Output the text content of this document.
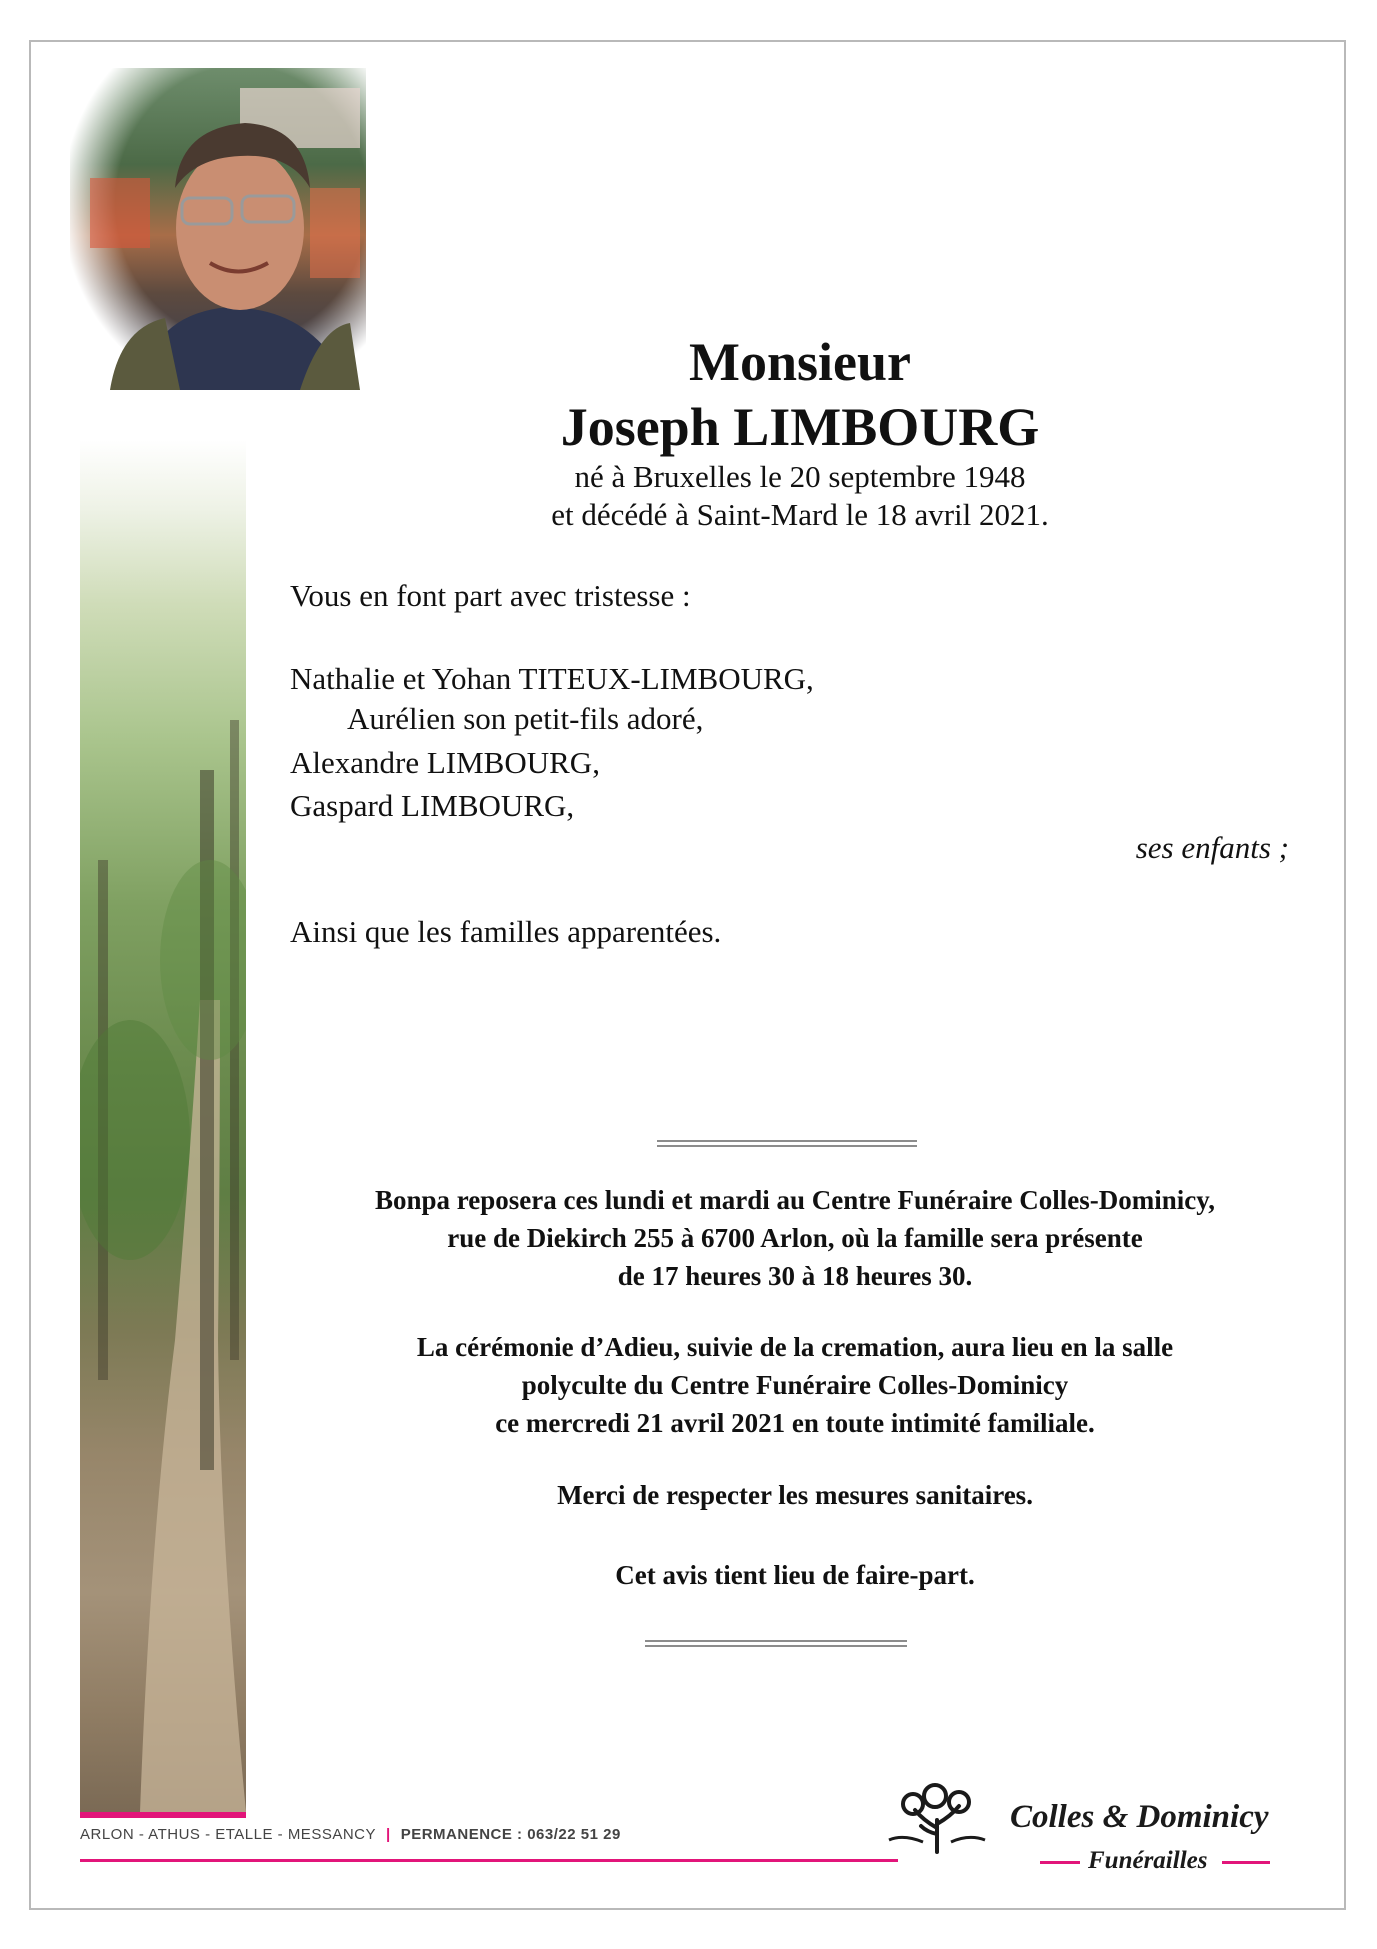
Monsieur
Joseph LIMBOURG
né à Bruxelles le 20 septembre 1948
et décédé à Saint-Mard le 18 avril 2021.
Vous en font part avec tristesse :
Nathalie et Yohan TITEUX-LIMBOURG,
Aurélien son petit-fils adoré,
Alexandre LIMBOURG,
Gaspard LIMBOURG,
ses enfants ;
Ainsi que les familles apparentées.
Bonpa reposera ces lundi et mardi au Centre Funéraire Colles-Dominicy,
rue de Diekirch 255 à 6700 Arlon, où la famille sera présente
de 17 heures 30 à 18 heures 30.
La cérémonie d’Adieu, suivie de la cremation, aura lieu en la salle
polyculte du Centre Funéraire Colles-Dominicy
ce mercredi 21 avril 2021 en toute intimité familiale.
Merci de respecter les mesures sanitaires.
Cet avis tient lieu de faire-part.
ARLON - ATHUS - ETALLE - MESSANCY | PERMANENCE : 063/22 51 29	Colles & Dominicy
Funérailles
